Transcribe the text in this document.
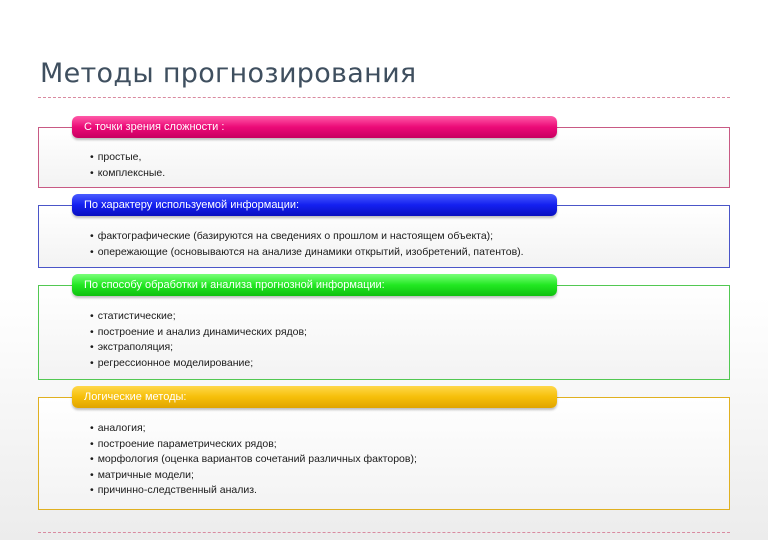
Методы прогнозирования
С точки зрения сложности :
• простые,
• комплексные.
По характеру используемой информации:
• фактографические (базируются на сведениях о прошлом и настоящем объекта);
• опережающие (основываются на анализе динамики открытий, изобретений, патентов).
По способу обработки и анализа прогнозной информации:
• статистические;
• построение и анализ динамических рядов;
• экстраполяция;
• регрессионное моделирование;
Логические методы:
• аналогия;
• построение параметрических рядов;
• морфология (оценка вариантов сочетаний различных факторов);
• матричные модели;
• причинно-следственный анализ.
